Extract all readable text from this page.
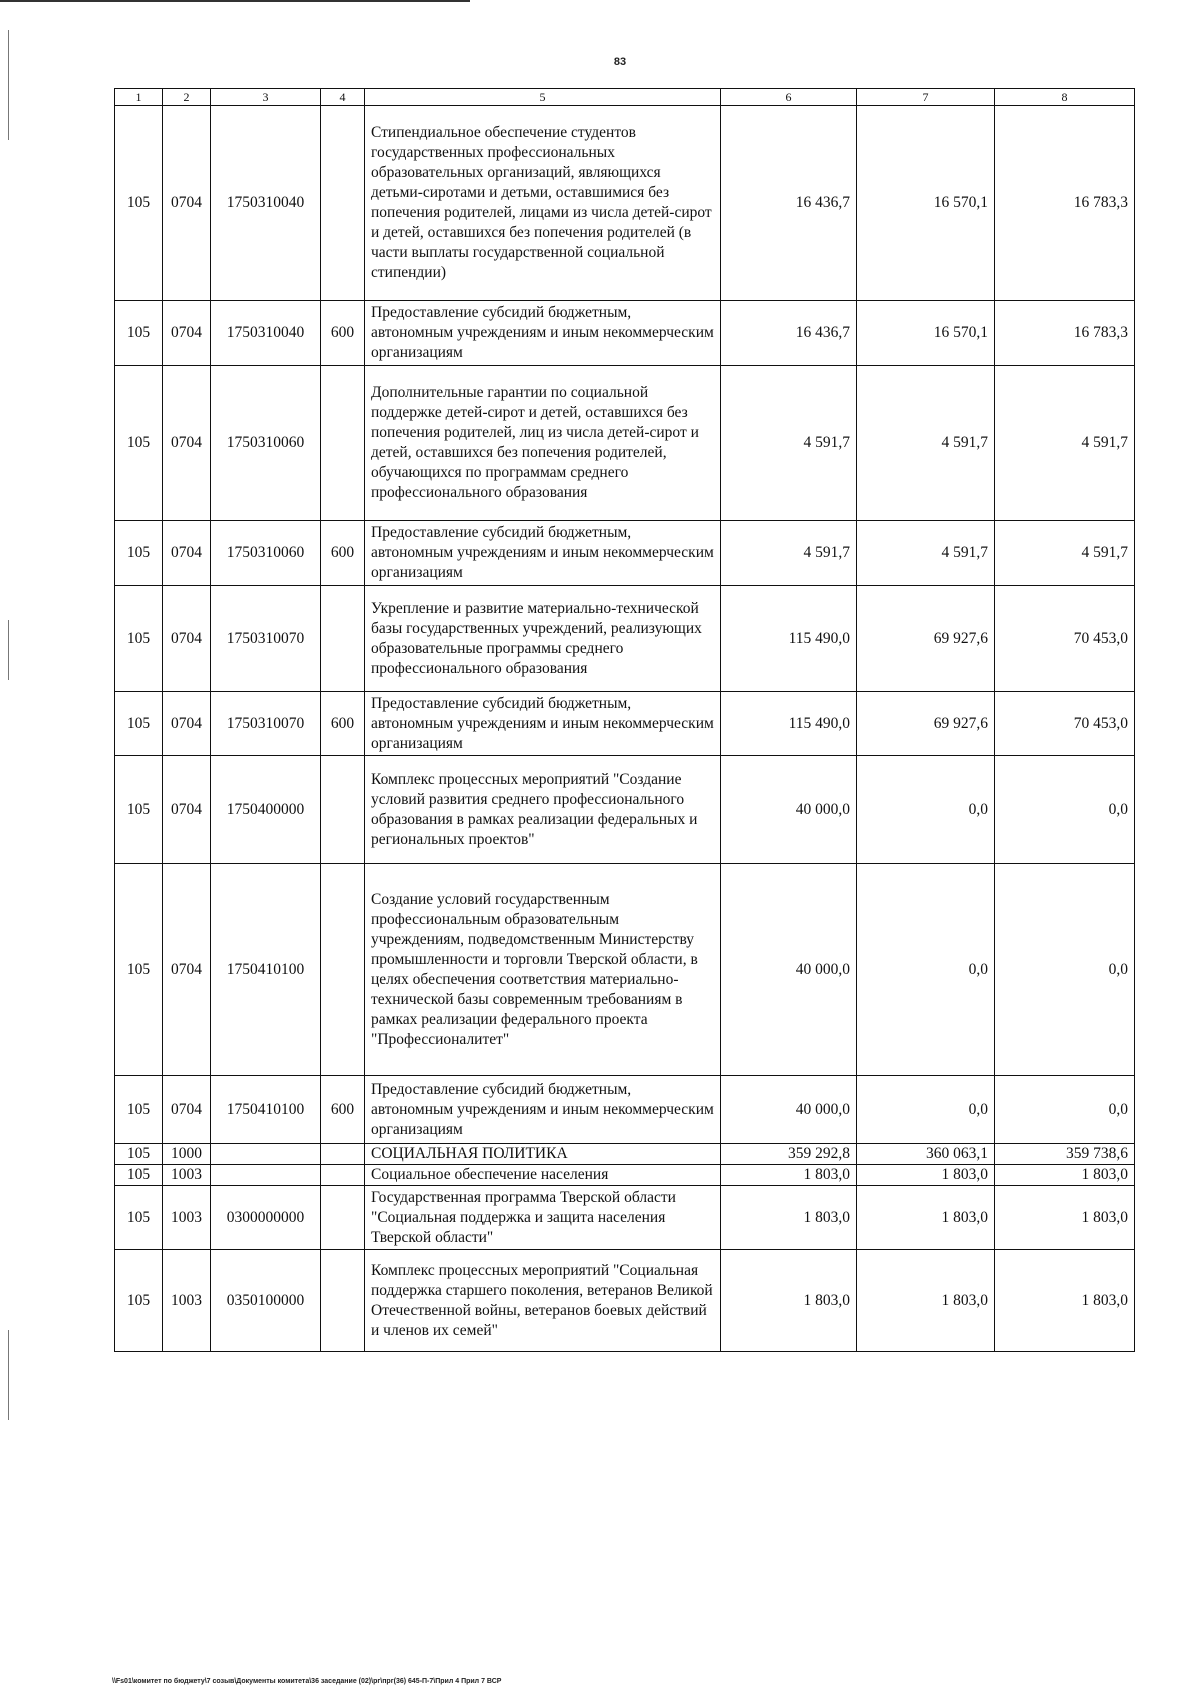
83
1	2	3	4	5	6	7	8
105	0704	1750310040		Стипендиальное обеспечение студентов государственных профессиональных образовательных организаций, являющихся детьми-сиротами и детьми, оставшимися без попечения родителей, лицами из числа детей-сирот и детей, оставшихся без попечения родителей (в части выплаты государственной социальной стипендии)	16 436,7	16 570,1	16 783,3
105	0704	1750310040	600	Предоставление субсидий бюджетным, автономным учреждениям и иным некоммерческим организациям	16 436,7	16 570,1	16 783,3
105	0704	1750310060		Дополнительные гарантии по социальной поддержке детей-сирот и детей, оставшихся без попечения родителей, лиц из числа детей-сирот и детей, оставшихся без попечения родителей, обучающихся по программам среднего профессионального образования	4 591,7	4 591,7	4 591,7
105	0704	1750310060	600	Предоставление субсидий бюджетным, автономным учреждениям и иным некоммерческим организациям	4 591,7	4 591,7	4 591,7
105	0704	1750310070		Укрепление и развитие материально-технической базы государственных учреждений, реализующих образовательные программы среднего профессионального образования	115 490,0	69 927,6	70 453,0
105	0704	1750310070	600	Предоставление субсидий бюджетным, автономным учреждениям и иным некоммерческим организациям	115 490,0	69 927,6	70 453,0
105	0704	1750400000		Комплекс процессных мероприятий "Создание условий развития среднего профессионального образования в рамках реализации федеральных и региональных проектов"	40 000,0	0,0	0,0
105	0704	1750410100		Создание условий государственным профессиональным образовательным учреждениям, подведомственным Министерству промышленности и торговли Тверской области, в целях обеспечения соответствия материально-технической базы современным требованиям в рамках реализации федерального проекта "Профессионалитет"	40 000,0	0,0	0,0
105	0704	1750410100	600	Предоставление субсидий бюджетным, автономным учреждениям и иным некоммерческим организациям	40 000,0	0,0	0,0
105	1000			СОЦИАЛЬНАЯ ПОЛИТИКА	359 292,8	360 063,1	359 738,6
105	1003			Социальное обеспечение населения	1 803,0	1 803,0	1 803,0
105	1003	0300000000		Государственная программа Тверской области "Социальная поддержка и защита населения Тверской области"	1 803,0	1 803,0	1 803,0
105	1003	0350100000		Комплекс процессных мероприятий "Социальная поддержка старшего поколения, ветеранов Великой Отечественной войны, ветеранов боевых действий и членов их семей"	1 803,0	1 803,0	1 803,0
\\Fs01\комитет по бюджету\7 созыв\Документы комитета\36 заседание (02)\рг\прг(36) 645-П-7\Прил 4 Прил 7 ВСР
